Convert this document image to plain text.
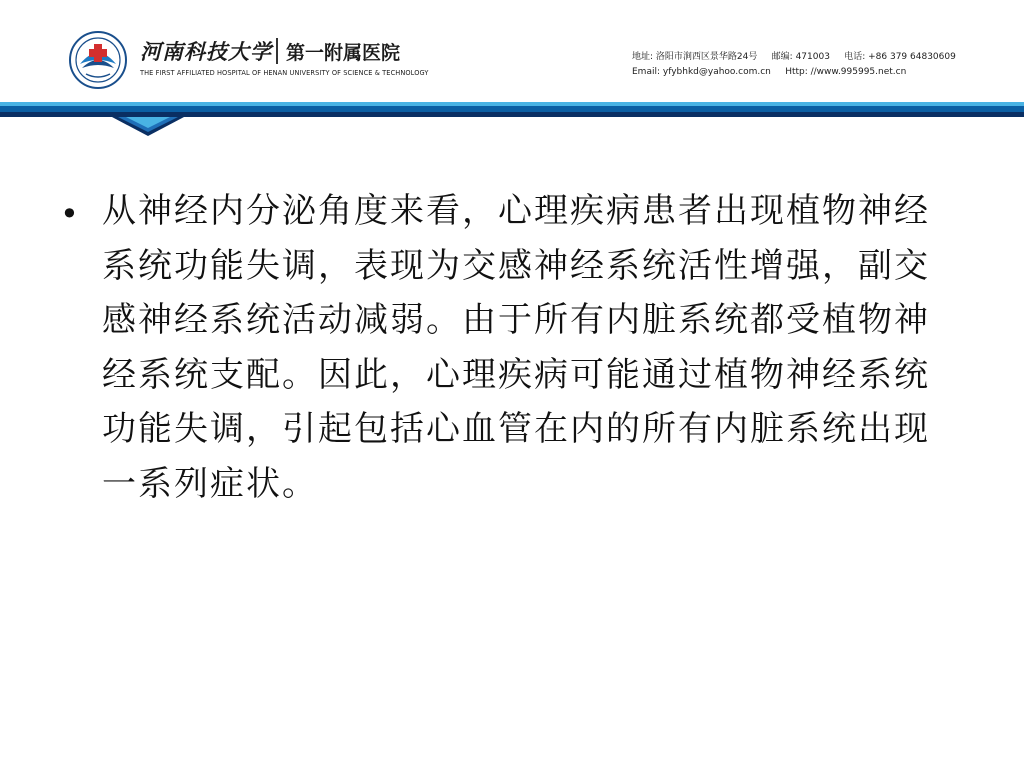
河南科技大学 第一附属医院
THE FIRST AFFILIATED HOSPITAL OF HENAN UNIVERSITY OF SCIENCE & TECHNOLOGY
地址: 洛阳市涧西区景华路24号 邮编: 471003 电话: +86 379 64830609
Email: yfybhkd@yahoo.com.cn Http: //www.995995.net.cn
• 从神经内分泌角度来看，心理疾病患者出现植物神经系统功能失调，表现为交感神经系统活性增强，副交感神经系统活动减弱。由于所有内脏系统都受植物神经系统支配。因此，心理疾病可能通过植物神经系统功能失调，引起包括心血管在内的所有内脏系统出现一系列症状。
